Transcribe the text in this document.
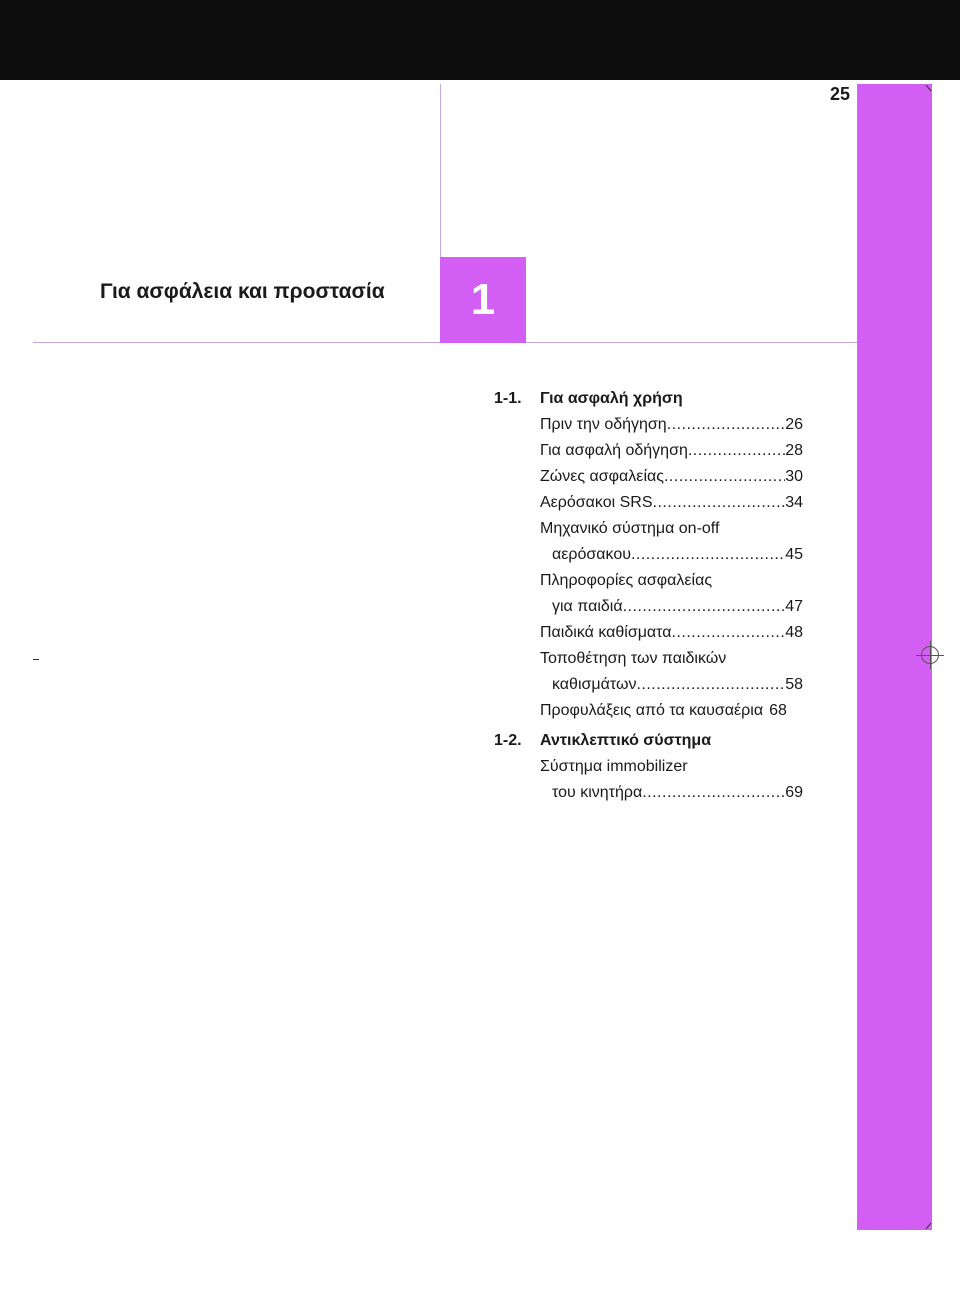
25
Για ασφάλεια και προστασία	1
1-1.	Για ασφαλή χρήση
Πριν την οδήγηση .....	26
Για ασφαλή οδήγηση .....	28
Ζώνες ασφαλείας .....	30
Αερόσακοι SRS .....	34
Μηχανικό σύστημα on-off
αερόσακου .....	45
Πληροφορίες ασφαλείας
για παιδιά .....	47
Παιδικά καθίσματα .....	48
Τοποθέτηση των παιδικών
καθισμάτων .....	58
Προφυλάξεις από τα καυσαέρια 68
1-2.	Αντικλεπτικό σύστημα
Σύστημα immobilizer
του κινητήρα .....	69
